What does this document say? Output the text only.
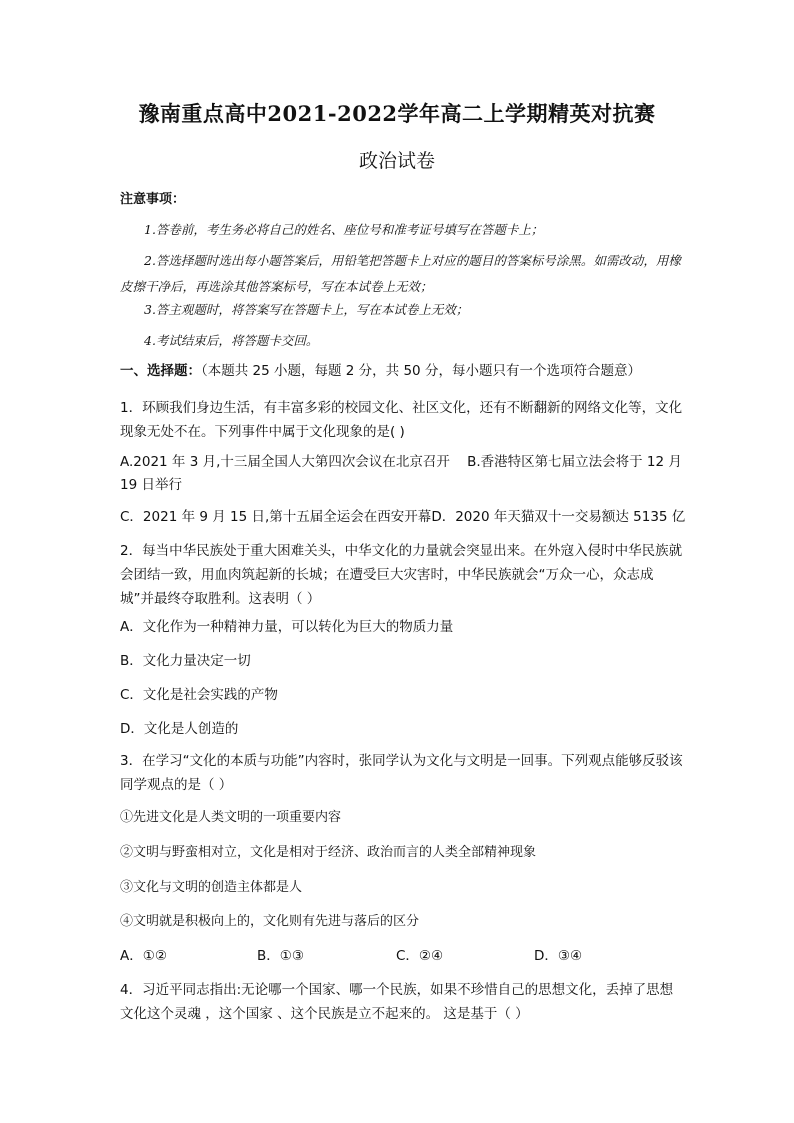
豫南重点高中2021-2022学年高二上学期精英对抗赛
政治试卷
注意事项：
1.答卷前，考生务必将自己的姓名、座位号和准考证号填写在答题卡上；
2.答选择题时选出每小题答案后，用铅笔把答题卡上对应的题目的答案标号涂黑。如需改动，用橡皮擦干净后，再选涂其他答案标号，写在本试卷上无效；
3.答主观题时，将答案写在答题卡上，写在本试卷上无效；
4.考试结束后，将答题卡交回。
一、选择题：（本题共 25 小题，每题 2 分，共 50 分，每小题只有一个选项符合题意）
1．环顾我们身边生活，有丰富多彩的校园文化、社区文化，还有不断翻新的网络文化等，文化现象无处不在。下列事件中属于文化现象的是( )
A.2021 年 3 月,十三届全国人大第四次会议在北京召开 B.香港特区第七届立法会将于 12 月 19 日举行
C．2021 年 9 月 15 日,第十五届全运会在西安开幕D．2020 年天猫双十一交易额达 5135 亿
2．每当中华民族处于重大困难关头，中华文化的力量就会突显出来。在外寇入侵时中华民族就会团结一致，用血肉筑起新的长城；在遭受巨大灾害时，中华民族就会“万众一心，众志成城”并最终夺取胜利。这表明（ ）
A．文化作为一种精神力量，可以转化为巨大的物质力量
B．文化力量决定一切
C．文化是社会实践的产物
D．文化是人创造的
3．在学习“文化的本质与功能”内容时，张同学认为文化与文明是一回事。下列观点能够反驳该同学观点的是（ ）
①先进文化是人类文明的一项重要内容
②文明与野蛮相对立，文化是相对于经济、政治而言的人类全部精神现象
③文化与文明的创造主体都是人
④文明就是积极向上的，文化则有先进与落后的区分
A．①②	B．①③	C．②④	D．③④
4．习近平同志指出:无论哪一个国家、哪一个民族，如果不珍惜自己的思想文化，丢掉了思想文化这个灵魂 ，这个国家 、这个民族是立不起来的。 这是基于（ ）
